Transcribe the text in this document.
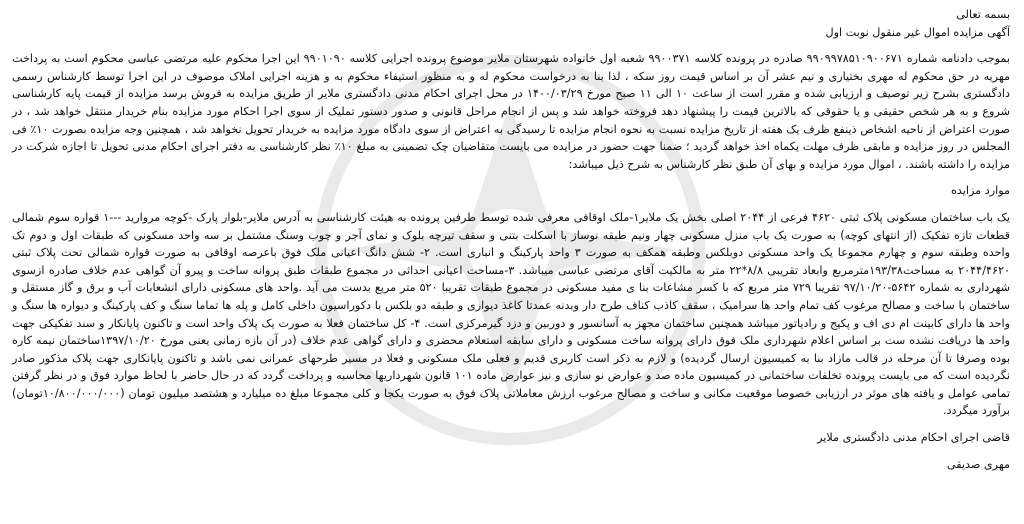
بسمه تعالی

آگهی مزایده اموال غیر منقول نوبت اول

بموجب دادنامه شماره ۹۹۰۹۹۷۸۵۱۰۹۰۰۶۷۱ صادره در پرونده کلاسه ۹۹۰۰۳۷۱ شعبه اول خانواده شهرستان ملایر موضوع پرونده اجرایی کلاسه ۹۹۰۱۰۹۰ این اجرا محکوم علیه مرتضی عباسی محکوم است به پرداخت مهریه در حق محکوم له مهری بختیاری و نیم عشر آن بر اساس قیمت روز سکه ، لذا بنا به درخواست محکوم له و به منظور استیفاء محکوم به و هزینه اجرایی املاک موصوف در این اجرا توسط کارشناس رسمی دادگستری بشرح زیر توصیف و ارزیابی شده و مقرر است از ساعت ۱۰ الی ۱۱ صبح مورخ ۱۴۰۰/۰۳/۲۹ در محل اجرای احکام مدنی دادگستری ملایر از طریق مزایده به فروش برسد مزایده از قیمت پایه کارشناسی شروع و به هر شخص حقیقی و یا حقوقی که بالاترین قیمت را پیشنهاد دهد فروخته خواهد شد و پس از انجام مراحل قانونی و صدور دستور تملیک از سوی اجرا احکام مورد مزایده بنام خریدار منتقل خواهد شد ، در صورت اعتراض از ناحیه اشخاص ذینفع ظرف یک هفته از تاریخ مزایده نسبت به نحوه انجام مزایده تا رسیدگی به اعتراض از سوی دادگاه مورد مزایده به خریدار تحویل نخواهد شد ، همچنین وجه مزایده بصورت ۱۰٪ فی المجلس در روز مزایده و مابقی ظرف مهلت یکماه اخذ خواهد گردید ؛ ضمنا جهت حضور در مزایده می بایست متقاضیان چک تضمینی به مبلغ ۱۰٪ نظر کارشناسی به دفتر اجرای احکام مدنی تحویل تا اجازه شرکت در مزایده را داشته باشند. ، اموال مورد مزایده و بهای آن طبق نظر کارشناس به شرح ذیل میباشد:

موارد مزایده

یک باب ساختمان مسکونی پلاک ثبتی ۴۶۲۰ فرعی از ۲۰۴۴ اصلی بخش یک ملایر۱-ملک اوقافی معرفی شده توسط طرفین پرونده به هیئت کارشناسی به آدرس ملایر-بلوار پارک -کوچه مرواريد ---۱ قواره سوم شمالی قطعات تازه تفکیک (از انتهای کوچه) به صورت یک باب منزل مسکونی چهار ونیم طبقه نوساز با اسکلت بتنی و سقف تیرچه بلوک و نمای آجر و چوب وسنگ مشتمل بر سه واحد مسکونی که طبقات اول و دوم تک واحده وطبقه سوم و چهارم مجموعا یک واحد مسکونی دوبلکس وطبقه همکف به صورت ۳ واحد پارکینگ و انباری است. ۲- شش دانگ اعیانی ملک فوق باعرصه اوقافی به صورت قواره شمالی تحت پلاک ثبتی ۲۰۴۴/۴۶۲۰ به مساحت۱۹۳/۳۸مترمربع وابعاد تقریبی ۸/۸*۲۲ متر به مالکیت آقای مرتضی عباسی میباشد. ۳-مساحت اعیانی احداثی در مجموع طبقات طبق پروانه ساخت و پیرو آن گواهی عدم خلاف صادره ازسوی شهرداری به شماره ۵۶۴۲-۹۷/۱۰/۲۰ تقریبا ۷۲۹ متر مربع که با کسر مشاعات بنا ی مفید مسکونی در مجموع طبقات تقریبا ۵۲۰ متر مربع بدست می آید .واحد های مسکونی دارای انشعابات آب و برق و گاز مستقل و ساختمان با ساخت و مصالح مرغوب کف تمام واحد ها سرامیک ، سقف کاذب کناف طرح دار وبدنه عمدتا کاغذ دیواری و طبقه دو بلکس با دکوراسیون داخلی کامل و پله ها تماما سنگ و کف پارکینگ و دیواره ها سنگ و واحد ها دارای کابینت ام دی اف و پکیج و رادیاتور میباشد همچنین ساختمان مجهز به آسانسور و دوربین و دزد گیرمرکزی است. ۴- کل ساختمان فعلا به صورت یک پلاک واحد است و تاکنون پایانکار و سند تفکیکی جهت واحد ها دریافت نشده ست بر اساس اعلام شهرداری ملک فوق دارای پروانه ساخت مسکونی و دارای سابقه استعلام محضری و دارای گواهی عدم خلاف (در آن بازه زمانی یعنی مورخ ۱۳۹۷/۱۰/۲۰ساختمان نیمه کاره بوده وصرفا تا آن مرحله در قالب مازاد بنا به کمیسیون ارسال گردیده) و لازم به ذکر است کاربری قدیم و فعلی ملک مسکونی و فعلا در مسیر طرحهای عمرانی نمی باشد و تاکنون پایانکاری جهت پلاک مذکور صادر نگردیده است که می بایست پرونده تخلفات ساختمانی در کمیسیون ماده صد و عوارض نو سازی و نیز عوارض ماده ۱۰۱ قانون شهرداریها محاسبه و پرداخت گردد که در حال حاضر با لحاظ موارد فوق و در نظر گرفتن تمامی عوامل و یافته های موثر در ارزیابی خصوصا موقعیت مکانی و ساخت و مصالح مرغوب ارزش معاملاتی پلاک فوق به صورت یکجا و کلی مجموعا مبلغ ده میلیارد و هشتصد میلیون تومان (۱۰/۸۰۰/۰۰۰/۰۰۰تومان) برآورد میگردد.

قاضی اجرای احکام مدنی دادگستری ملایر

مهری صدیقی
